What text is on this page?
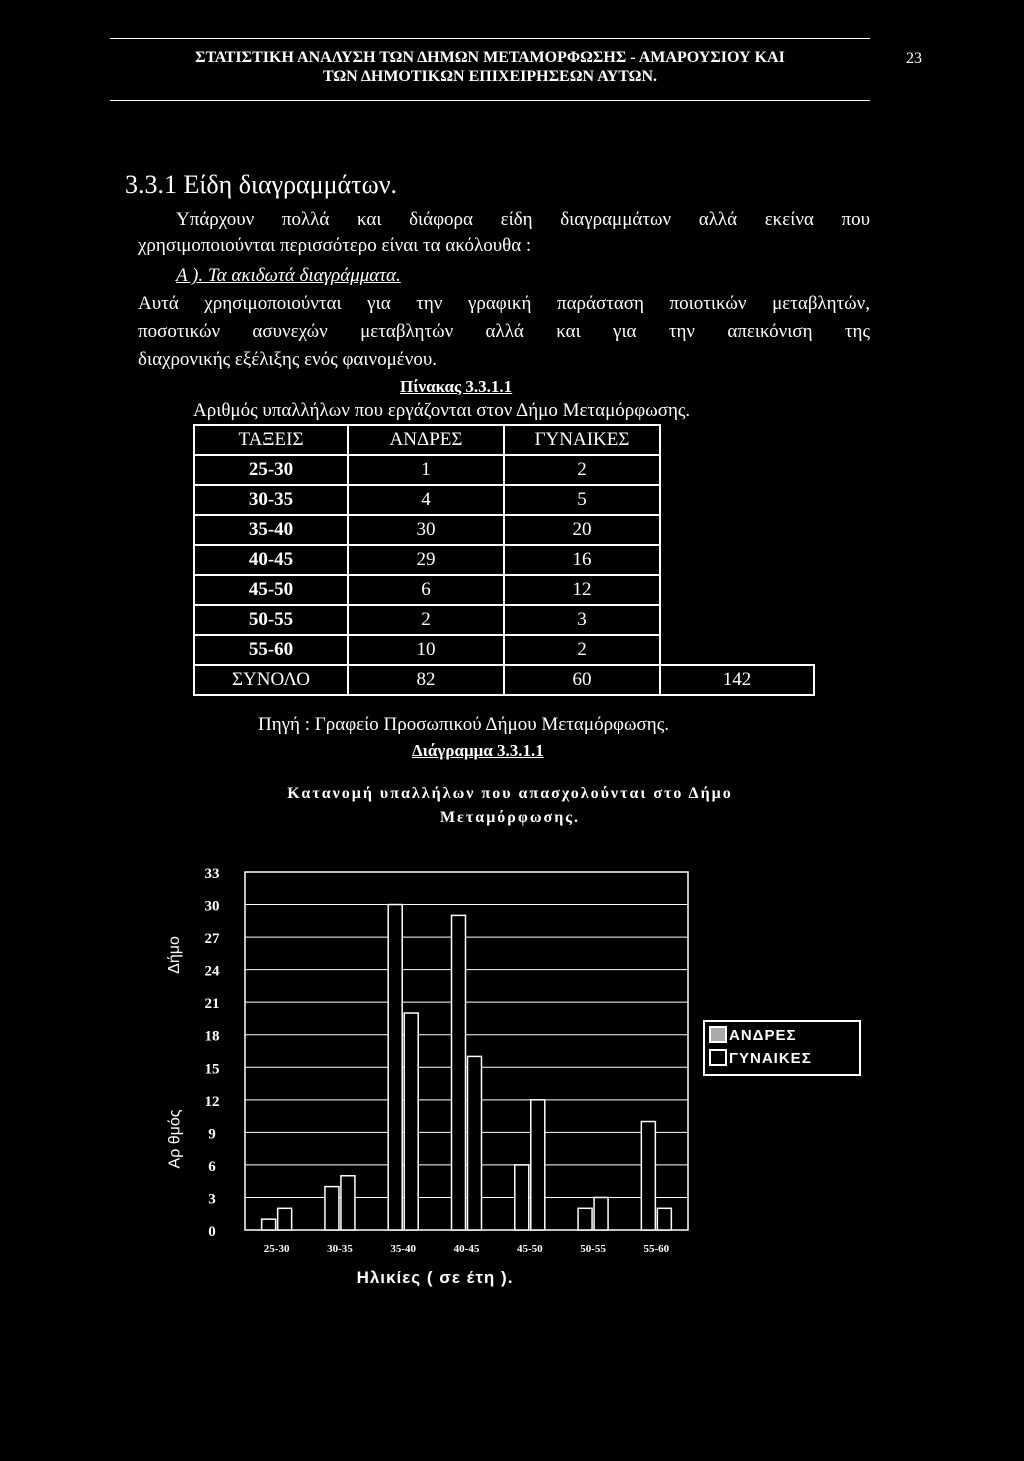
ΣΤΑΤΙΣΤΙΚΗ ΑΝΑΛΥΣΗ ΤΩΝ ΔΗΜΩΝ ΜΕΤΑΜΟΡΦΩΣΗΣ - ΑΜΑΡΟΥΣΙΟΥ ΚΑΙ
ΤΩΝ ΔΗΜΟΤΙΚΩΝ ΕΠΙΧΕΙΡΗΣΕΩΝ ΑΥΤΩΝ.
23
3.3.1 Είδη διαγραμμάτων.
Υπάρχουν πολλά και διάφορα είδη διαγραμμάτων αλλά εκείνα που
χρησιμοποιούνται περισσότερο είναι τα ακόλουθα :
Α ). Τα ακιδωτά διαγράμματα.
Αυτά χρησιμοποιούνται για την γραφική παράσταση ποιοτικών μεταβλητών,
ποσοτικών ασυνεχών μεταβλητών αλλά και για την απεικόνιση της
διαχρονικής εξέλιξης ενός φαινομένου.
Πίνακας 3.3.1.1
Αριθμός υπαλλήλων που εργάζονται στον Δήμο Μεταμόρφωσης.
ΤΑΞΕΙΣ	ΑΝΔΡΕΣ	ΓΥΝΑΙΚΕΣ	
25-30	1	2	
30-35	4	5	
35-40	30	20	
40-45	29	16	
45-50	6	12	
50-55	2	3	
55-60	10	2	
ΣΥΝΟΛΟ	82	60	142
Πηγή : Γραφείο Προσωπικού Δήμου Μεταμόρφωσης.
Διάγραμμα 3.3.1.1
Κατανομή υπαλλήλων που απασχολούνται στο Δήμο
Μεταμόρφωσης.
Δήμο
Αρ θμός
0
3
6
9
12
15
18
21
24
27
30
33
25-30	30-35	35-40	40-45	45-50	50-55	55-60
ΑΝΔΡΕΣ
ΓΥΝΑΙΚΕΣ
Ηλικίες ( σε έτη ).
